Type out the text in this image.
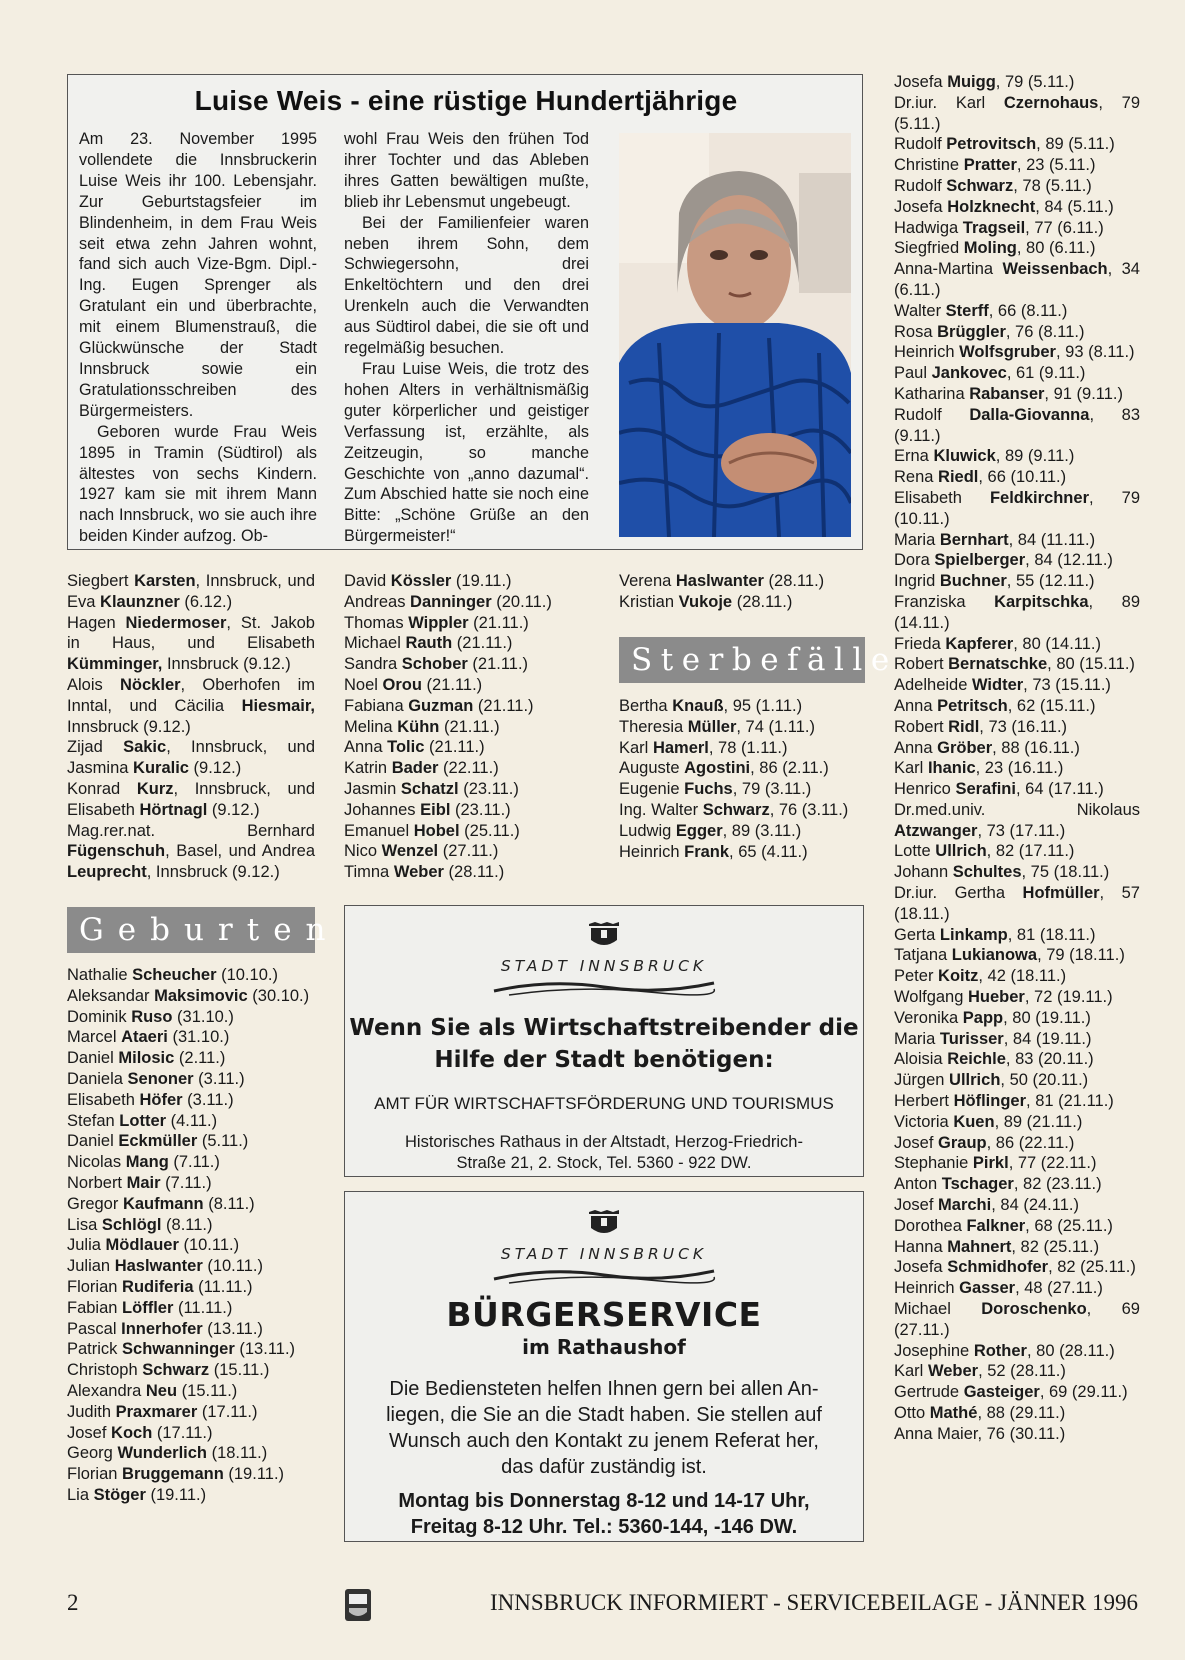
Luise Weis - eine rüstige Hundertjährige

Am 23. November 1995 vollendete die Innsbruckerin Luise Weis ihr 100. Lebensjahr. Zur Geburtstagsfeier im Blindenheim, in dem Frau Weis seit etwa zehn Jahren wohnt, fand sich auch Vize-Bgm. Dipl.-Ing. Eugen Sprenger als Gratulant ein und überbrachte, mit einem Blumenstrauß, die Glückwünsche der Stadt Innsbruck sowie ein Gratulationsschreiben des Bürgermeisters.

Geboren wurde Frau Weis 1895 in Tramin (Südtirol) als ältestes von sechs Kindern. 1927 kam sie mit ihrem Mann nach Innsbruck, wo sie auch ihre beiden Kinder aufzog. Ob-

wohl Frau Weis den frühen Tod ihrer Tochter und das Ableben ihres Gatten bewältigen mußte, blieb ihr Lebensmut ungebeugt.

Bei der Familienfeier waren neben ihrem Sohn, dem Schwiegersohn, drei Enkeltöchtern und den drei Urenkeln auch die Verwandten aus Südtirol dabei, die sie oft und regelmäßig besuchen.

Frau Luise Weis, die trotz des hohen Alters in verhältnismäßig guter körperlicher und geistiger Verfassung ist, erzählte, als Zeitzeugin, so manche Geschichte von „anno dazumal“. Zum Abschied hatte sie noch eine Bitte: „Schöne Grüße an den Bürgermeister!“

Siegbert Karsten, Innsbruck, und Eva Klaunzner (6.12.)
Hagen Niedermoser, St. Jakob in Haus, und Elisabeth Kümminger, Innsbruck (9.12.)
Alois Nöckler, Oberhofen im Inntal, und Cäcilia Hiesmair, Innsbruck (9.12.)
Zijad Sakic, Innsbruck, und Jasmina Kuralic (9.12.)
Konrad Kurz, Innsbruck, und Elisabeth Hörtnagl (9.12.)
Mag.rer.nat. Bernhard Fügenschuh, Basel, und Andrea Leuprecht, Innsbruck (9.12.)
David Kössler (19.11.)
Andreas Danninger (20.11.)
Thomas Wippler (21.11.)
Michael Rauth (21.11.)
Sandra Schober (21.11.)
Noel Orou (21.11.)
Fabiana Guzman (21.11.)
Melina Kühn (21.11.)
Anna Tolic (21.11.)
Katrin Bader (22.11.)
Jasmin Schatzl (23.11.)
Johannes Eibl (23.11.)
Emanuel Hobel (25.11.)
Nico Wenzel (27.11.)
Timna Weber (28.11.)
Verena Haslwanter (28.11.)
Kristian Vukoje (28.11.)
Sterbefälle
Bertha Knauß, 95 (1.11.)
Theresia Müller, 74 (1.11.)
Karl Hamerl, 78 (1.11.)
Auguste Agostini, 86 (2.11.)
Eugenie Fuchs, 79 (3.11.)
Ing. Walter Schwarz, 76 (3.11.)
Ludwig Egger, 89 (3.11.)
Heinrich Frank, 65 (4.11.)
Geburten
Nathalie Scheucher (10.10.)
Aleksandar Maksimovic (30.10.)
Dominik Ruso (31.10.)
Marcel Ataeri (31.10.)
Daniel Milosic (2.11.)
Daniela Senoner (3.11.)
Elisabeth Höfer (3.11.)
Stefan Lotter (4.11.)
Daniel Eckmüller (5.11.)
Nicolas Mang (7.11.)
Norbert Mair (7.11.)
Gregor Kaufmann (8.11.)
Lisa Schlögl (8.11.)
Julia Mödlauer (10.11.)
Julian Haslwanter (10.11.)
Florian Rudiferia (11.11.)
Fabian Löffler (11.11.)
Pascal Innerhofer (13.11.)
Patrick Schwanninger (13.11.)
Christoph Schwarz (15.11.)
Alexandra Neu (15.11.)
Judith Praxmarer (17.11.)
Josef Koch (17.11.)
Georg Wunderlich (18.11.)
Florian Bruggemann (19.11.)
Lia Stöger (19.11.)
Josefa Muigg, 79 (5.11.)
Dr.iur. Karl Czernohaus, 79 (5.11.)
Rudolf Petrovitsch, 89 (5.11.)
Christine Pratter, 23 (5.11.)
Rudolf Schwarz, 78 (5.11.)
Josefa Holzknecht, 84 (5.11.)
Hadwiga Tragseil, 77 (6.11.)
Siegfried Moling, 80 (6.11.)
Anna-Martina Weissenbach, 34 (6.11.)
Walter Sterff, 66 (8.11.)
Rosa Brüggler, 76 (8.11.)
Heinrich Wolfsgruber, 93 (8.11.)
Paul Jankovec, 61 (9.11.)
Katharina Rabanser, 91 (9.11.)
Rudolf Dalla-Giovanna, 83 (9.11.)
Erna Kluwick, 89 (9.11.)
Rena Riedl, 66 (10.11.)
Elisabeth Feldkirchner, 79 (10.11.)
Maria Bernhart, 84 (11.11.)
Dora Spielberger, 84 (12.11.)
Ingrid Buchner, 55 (12.11.)
Franziska Karpitschka, 89 (14.11.)
Frieda Kapferer, 80 (14.11.)
Robert Bernatschke, 80 (15.11.)
Adelheide Widter, 73 (15.11.)
Anna Petritsch, 62 (15.11.)
Robert Ridl, 73 (16.11.)
Anna Gröber, 88 (16.11.)
Karl Ihanic, 23 (16.11.)
Henrico Serafini, 64 (17.11.)
Dr.med.univ. Nikolaus Atzwanger, 73 (17.11.)
Lotte Ullrich, 82 (17.11.)
Johann Schultes, 75 (18.11.)
Dr.iur. Gertha Hofmüller, 57 (18.11.)
Gerta Linkamp, 81 (18.11.)
Tatjana Lukianowa, 79 (18.11.)
Peter Koitz, 42 (18.11.)
Wolfgang Hueber, 72 (19.11.)
Veronika Papp, 80 (19.11.)
Maria Turisser, 84 (19.11.)
Aloisia Reichle, 83 (20.11.)
Jürgen Ullrich, 50 (20.11.)
Herbert Höflinger, 81 (21.11.)
Victoria Kuen, 89 (21.11.)
Josef Graup, 86 (22.11.)
Stephanie Pirkl, 77 (22.11.)
Anton Tschager, 82 (23.11.)
Josef Marchi, 84 (24.11.)
Dorothea Falkner, 68 (25.11.)
Hanna Mahnert, 82 (25.11.)
Josefa Schmidhofer, 82 (25.11.)
Heinrich Gasser, 48 (27.11.)
Michael Doroschenko, 69 (27.11.)
Josephine Rother, 80 (28.11.)
Karl Weber, 52 (28.11.)
Gertrude Gasteiger, 69 (29.11.)
Otto Mathé, 88 (29.11.)
Anna Maier, 76 (30.11.)
STADT INNSBRUCK
Wenn Sie als Wirtschaftstreibender die
Hilfe der Stadt benötigen:
AMT FÜR WIRTSCHAFTSFÖRDERUNG UND TOURISMUS
Historisches Rathaus in der Altstadt, Herzog-Friedrich-
Straße 21, 2. Stock, Tel. 5360 - 922 DW.
STADT INNSBRUCK
BÜRGERSERVICE
im Rathaushof
Die Bediensteten helfen Ihnen gern bei allen An-
liegen, die Sie an die Stadt haben. Sie stellen auf
Wunsch auch den Kontakt zu jenem Referat her,
das dafür zuständig ist.
Montag bis Donnerstag 8-12 und 14-17 Uhr,
Freitag 8-12 Uhr. Tel.: 5360-144, -146 DW.
2	INNSBRUCK INFORMIERT - SERVICEBEILAGE - JÄNNER 1996
